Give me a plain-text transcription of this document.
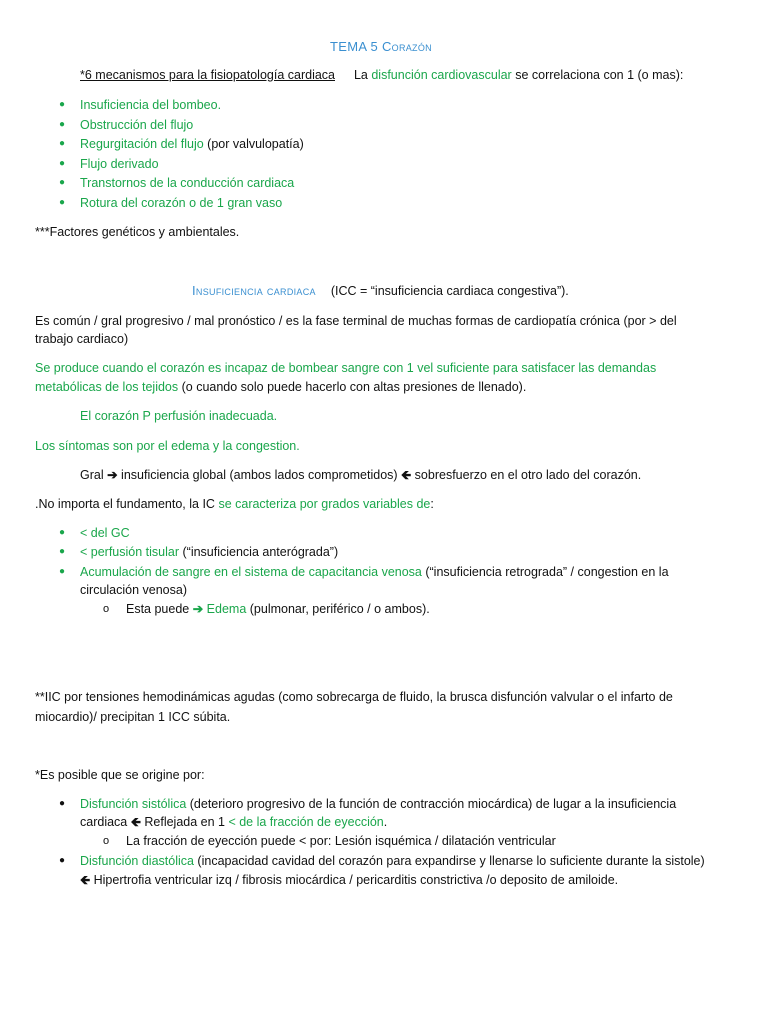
TEMA 5 Corazón
*6 mecanismos para la fisiopatología cardiaca La disfunción cardiovascular se correlaciona con 1 (o mas):
● Insuficiencia del bombeo.
● Obstrucción del flujo
● Regurgitación del flujo (por valvulopatía)
● Flujo derivado
● Transtornos de la conducción cardiaca
● Rotura del corazón o de 1 gran vaso
***Factores genéticos y ambientales.
Insuficiencia cardiaca (ICC = “insuficiencia cardiaca congestiva”).
Es común / gral progresivo / mal pronóstico / es la fase terminal de muchas formas de cardiopatía crónica (por > del
trabajo cardiaco)
Se produce cuando el corazón es incapaz de bombear sangre con 1 vel suficiente para satisfacer las demandas
metabólicas de los tejidos (o cuando solo puede hacerlo con altas presiones de llenado).
El corazón P perfusión inadecuada.
Los síntomas son por el edema y la congestion.
Gral ➔ insuficiencia global (ambos lados comprometidos) 🡸 sobresfuerzo en el otro lado del corazón.
.No importa el fundamento, la IC se caracteriza por grados variables de:
● < del GC
● < perfusión tisular (“insuficiencia anterógrada”)
● Acumulación de sangre en el sistema de capacitancia venosa (“insuficiencia retrograda” / congestion en la
circulación venosa)
o Esta puede ➔ Edema (pulmonar, periférico / o ambos).
**IIC por tensiones hemodinámicas agudas (como sobrecarga de fluido, la brusca disfunción valvular o el infarto de
miocardio)/ precipitan 1 ICC súbita.
*Es posible que se origine por:
● Disfunción sistólica (deterioro progresivo de la función de contracción miocárdica) de lugar a la insuficiencia
cardiaca 🡸 Reflejada en 1 < de la fracción de eyección.
o La fracción de eyección puede < por: Lesión isquémica / dilatación ventricular
● Disfunción diastólica (incapacidad cavidad del corazón para expandirse y llenarse lo suficiente durante la sistole)
🡸 Hipertrofia ventricular izq / fibrosis miocárdica / pericarditis constrictiva /o deposito de amiloide.
